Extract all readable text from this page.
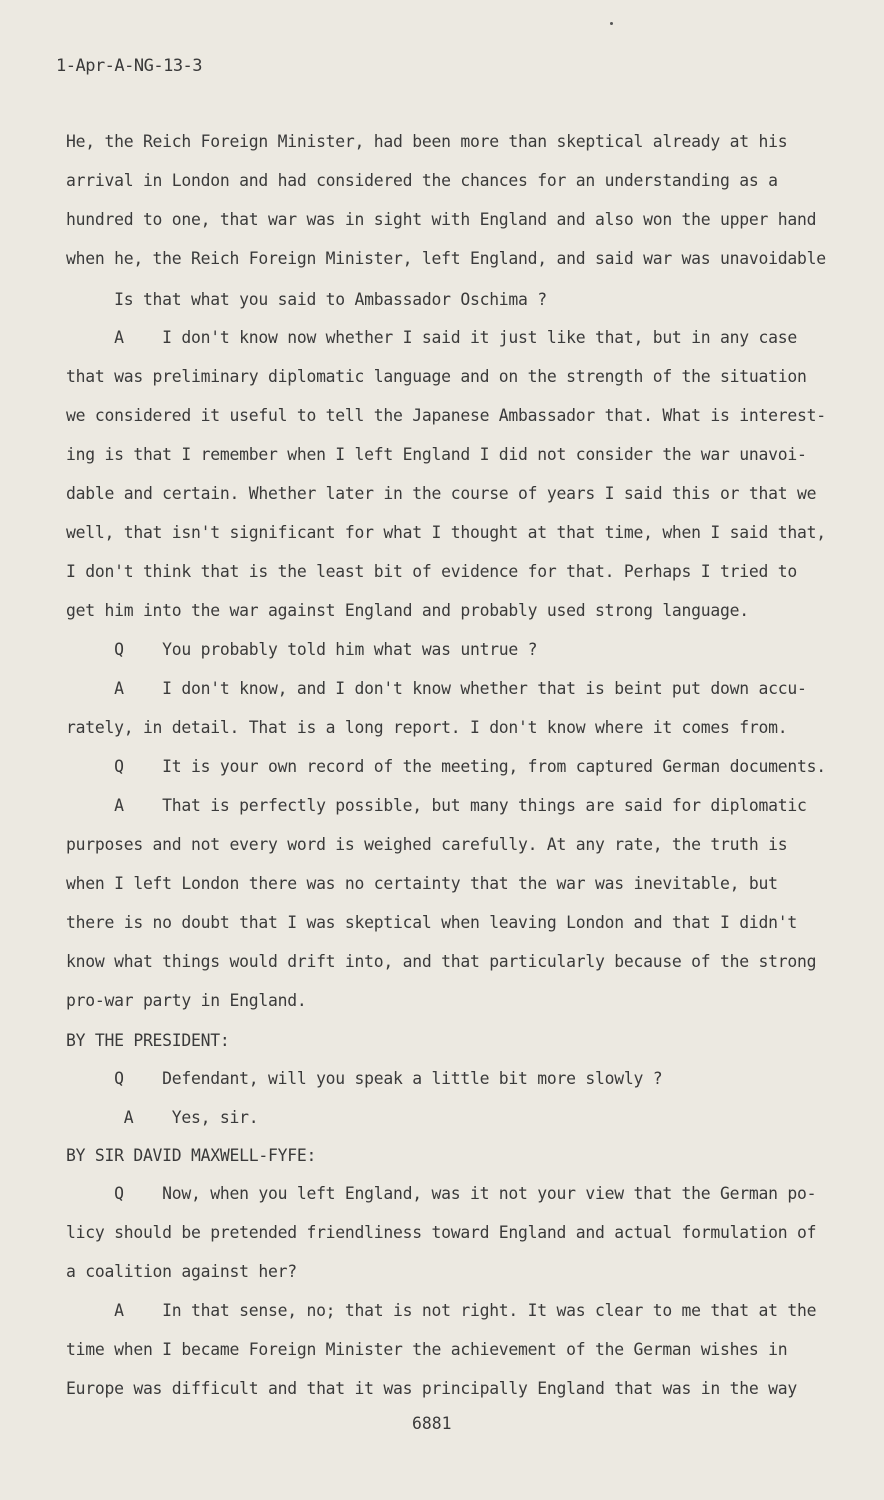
1-Apr-A-NG-13-3
He, the Reich Foreign Minister, had been more than skeptical already at his
arrival in London and had considered the chances for an understanding as a
hundred to one, that war was in sight with England and also won the upper hand
when he, the Reich Foreign Minister, left England, and said war was unavoidable
Is that what you said to Ambassador Oschima ?
A    I don't know now whether I said it just like that, but in any case
that was preliminary diplomatic language and on the strength of the situation
we considered it useful to tell the Japanese Ambassador that. What is interest-
ing is that I remember when I left England I did not consider the war unavoi-
dable and certain. Whether later in the course of years I said this or that we
well, that isn't significant for what I thought at that time, when I said that,
I don't think that is the least bit of evidence for that. Perhaps I tried to
get him into the war against England and probably used strong language.
Q    You probably told him what was untrue ?
A    I don't know, and I don't know whether that is beint put down accu-
rately, in detail. That is a long report. I don't know where it comes from.
Q    It is your own record of the meeting, from captured German documents.
A    That is perfectly possible, but many things are said for diplomatic
purposes and not every word is weighed carefully. At any rate, the truth is
when I left London there was no certainty that the war was inevitable, but
there is no doubt that I was skeptical when leaving London and that I didn't
know what things would drift into, and that particularly because of the strong
pro-war party in England.
BY THE PRESIDENT:
Q    Defendant, will you speak a little bit more slowly ?
A    Yes, sir.
BY SIR DAVID MAXWELL-FYFE:
Q    Now, when you left England, was it not your view that the German po-
licy should be pretended friendliness toward England and actual formulation of
a coalition against her?
A    In that sense, no; that is not right. It was clear to me that at the
time when I became Foreign Minister the achievement of the German wishes in
Europe was difficult and that it was principally England that was in the way
6881
